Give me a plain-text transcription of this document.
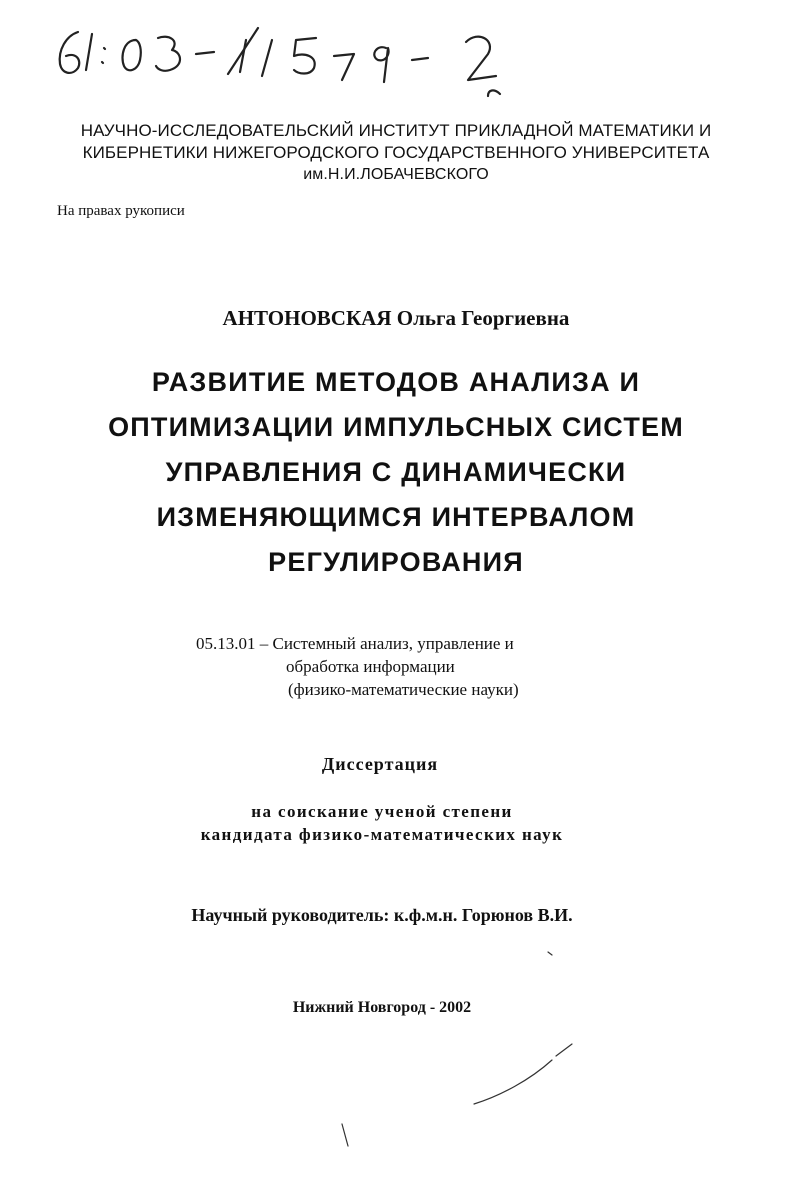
НАУЧНО-ИССЛЕДОВАТЕЛЬСКИЙ ИНСТИТУТ ПРИКЛАДНОЙ МАТЕМАТИКИ И
КИБЕРНЕТИКИ НИЖЕГОРОДСКОГО ГОСУДАРСТВЕННОГО УНИВЕРСИТЕТА
им.Н.И.ЛОБАЧЕВСКОГО
На правах рукописи
АНТОНОВСКАЯ Ольга Георгиевна
РАЗВИТИЕ МЕТОДОВ АНАЛИЗА И
ОПТИМИЗАЦИИ ИМПУЛЬСНЫХ СИСТЕМ
УПРАВЛЕНИЯ С ДИНАМИЧЕСКИ
ИЗМЕНЯЮЩИМСЯ ИНТЕРВАЛОМ
РЕГУЛИРОВАНИЯ
05.13.01 – Системный анализ, управление и
обработка информации
(физико-математические науки)
Диссертация
на соискание ученой степени
кандидата физико-математических наук
Научный руководитель: к.ф.м.н. Горюнов В.И.
Нижний Новгород - 2002
